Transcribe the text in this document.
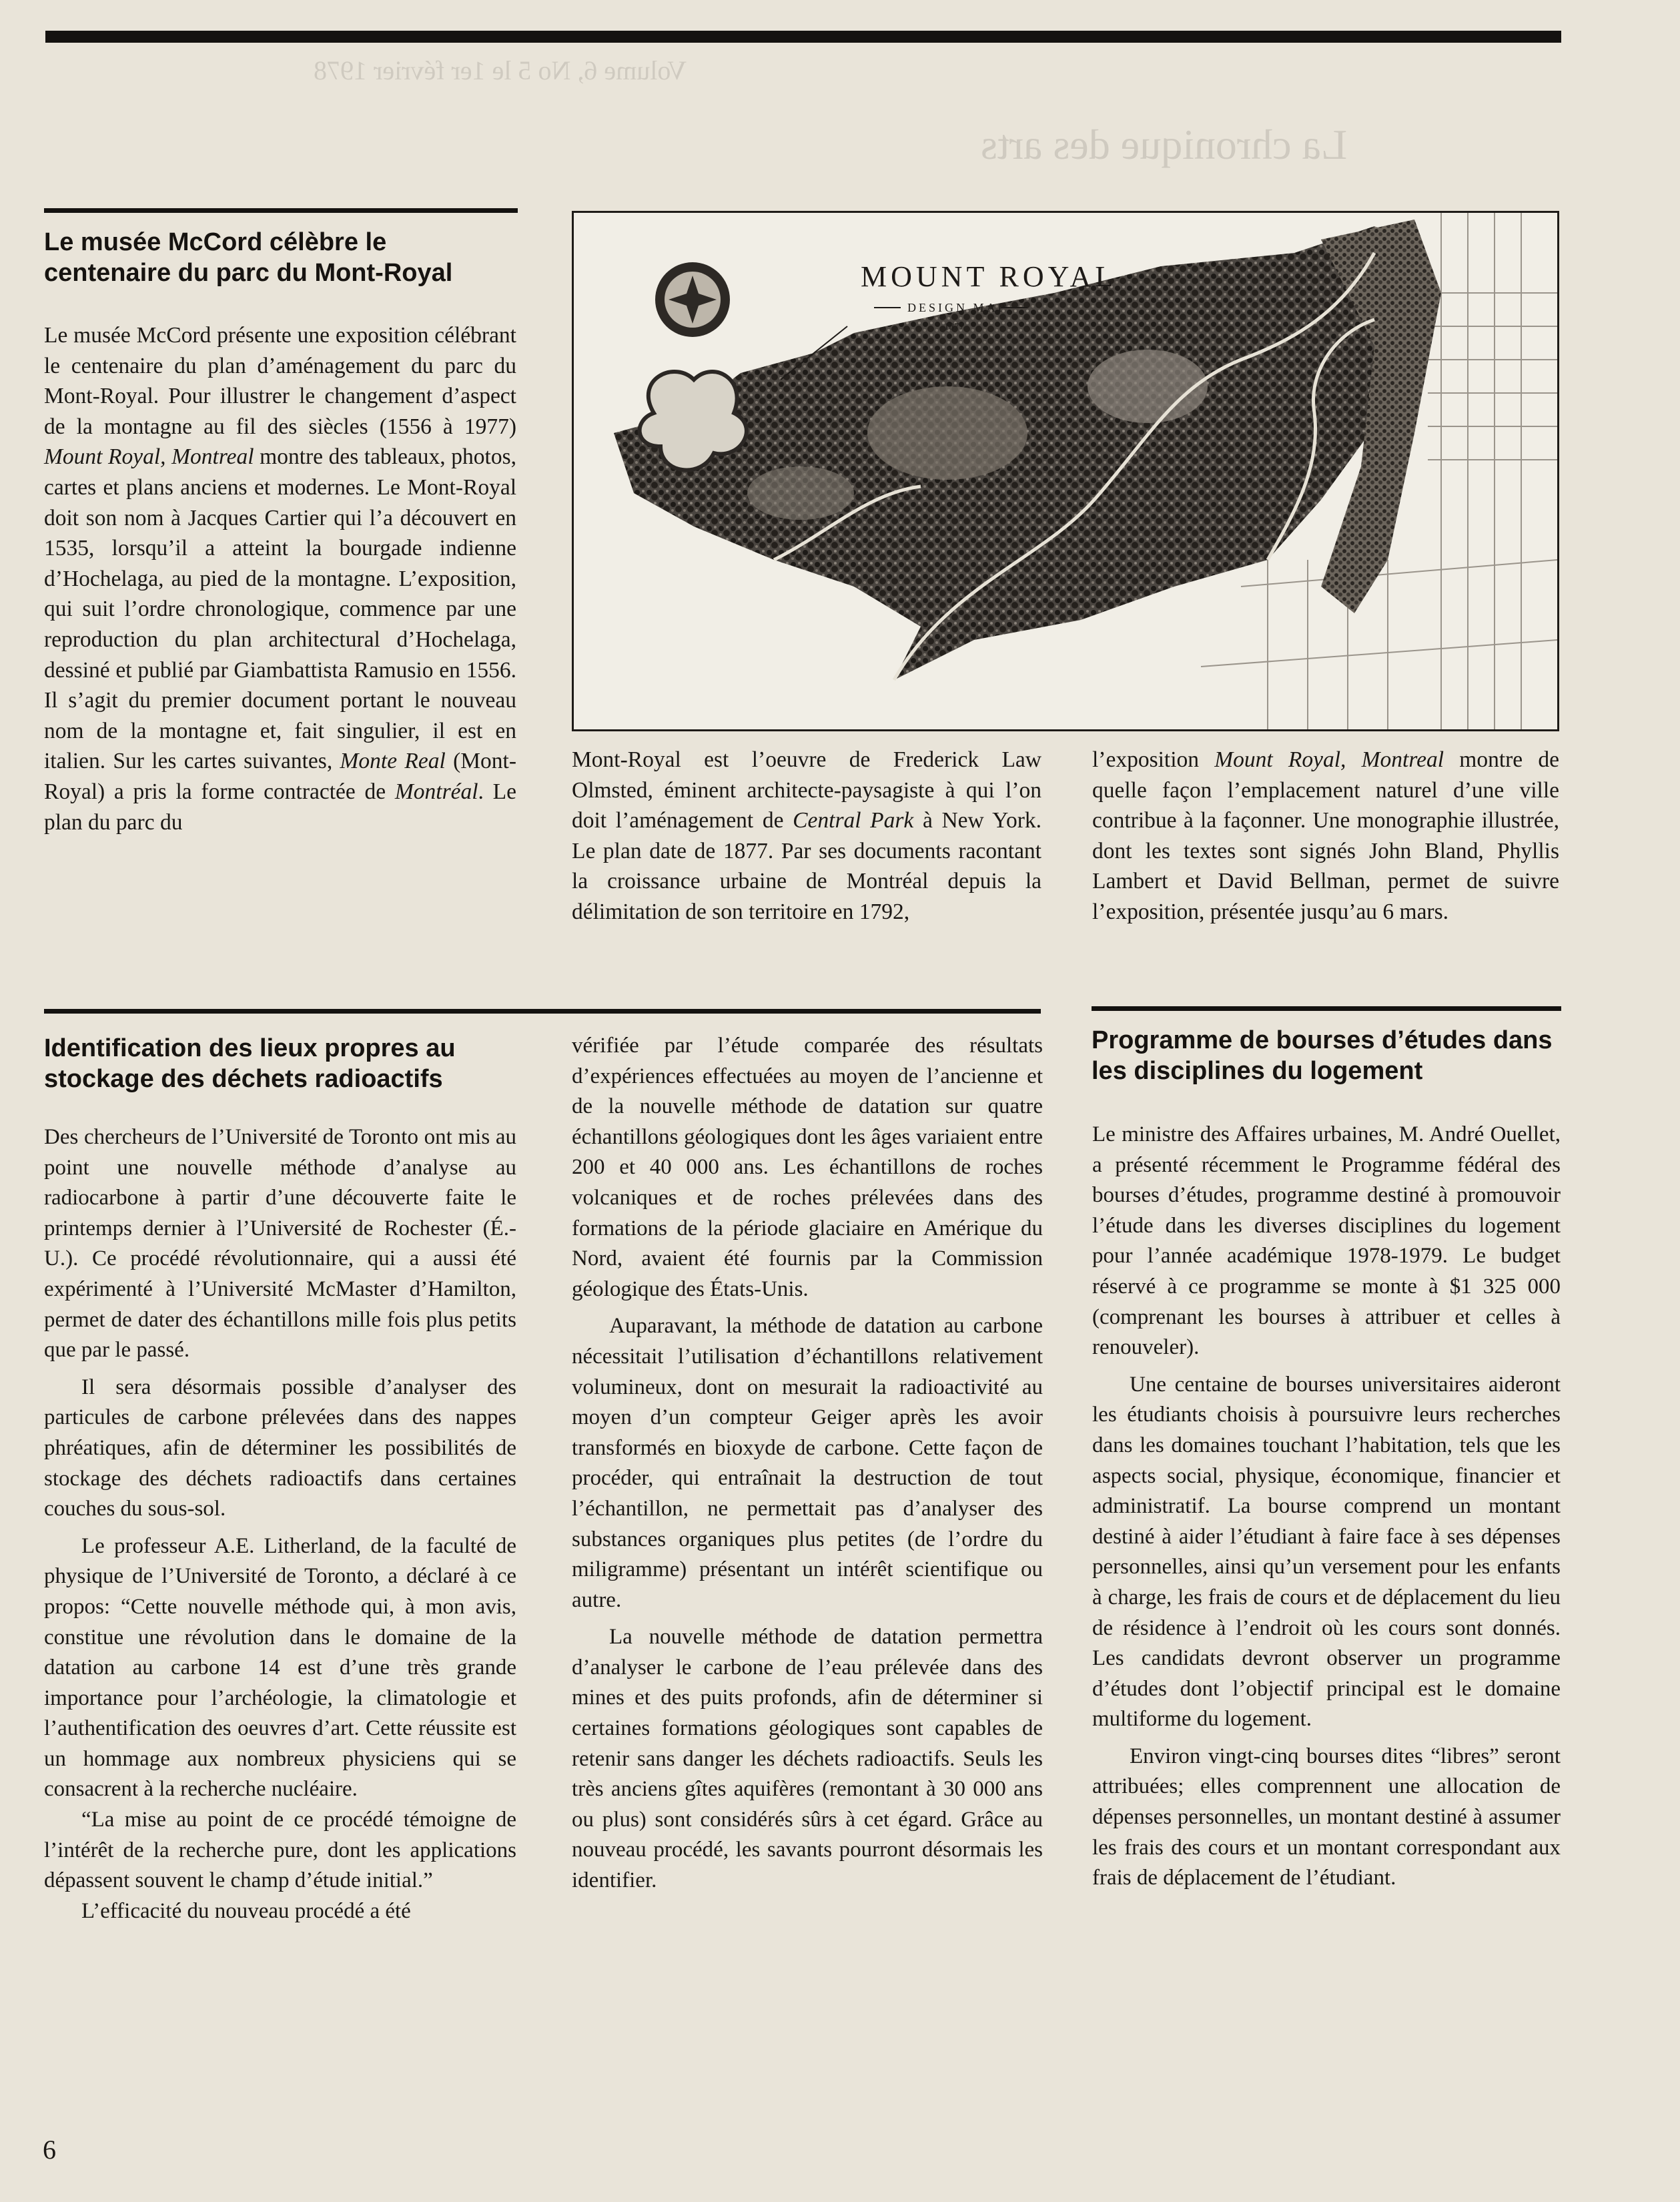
Volume 6, No 5 le 1er février 1978
La chronique des arts
Le musée McCord célèbre le centenaire du parc du Mont-Royal

Le musée McCord présente une exposition célébrant le centenaire du plan d’aménagement du parc du Mont-Royal. Pour illustrer le changement d’aspect de la montagne au fil des siècles (1556 à 1977) Mount Royal, Montreal montre des tableaux, photos, cartes et plans anciens et modernes. Le Mont-Royal doit son nom à Jacques Cartier qui l’a découvert en 1535, lorsqu’il a atteint la bourgade indienne d’Hochelaga, au pied de la montagne. L’exposition, qui suit l’ordre chronologique, commence par une reproduction du plan architectural d’Hochelaga, dessiné et publié par Giambattista Ramusio en 1556. Il s’agit du premier document portant le nouveau nom de la montagne et, fait singulier, il est en italien. Sur les cartes suivantes, Monte Real (Mont-Royal) a pris la forme contractée de Montréal. Le plan du parc du

MOUNT ROYAL
DESIGN MAP
1877

Mont-Royal est l’oeuvre de Frederick Law Olmsted, éminent architecte-paysagiste à qui l’on doit l’aménagement de Central Park à New York. Le plan date de 1877. Par ses documents racontant la croissance urbaine de Montréal depuis la délimitation de son territoire en 1792,

l’exposition Mount Royal, Montreal montre de quelle façon l’emplacement naturel d’une ville contribue à la façonner. Une monographie illustrée, dont les textes sont signés John Bland, Phyllis Lambert et David Bellman, permet de suivre l’exposition, présentée jusqu’au 6 mars.

Identification des lieux propres au stockage des déchets radioactifs

Des chercheurs de l’Université de Toronto ont mis au point une nouvelle méthode d’analyse au radiocarbone à partir d’une découverte faite le printemps dernier à l’Université de Rochester (É.-U.). Ce procédé révolutionnaire, qui a aussi été expérimenté à l’Université McMaster d’Hamilton, permet de dater des échantillons mille fois plus petits que par le passé.

Il sera désormais possible d’analyser des particules de carbone prélevées dans des nappes phréatiques, afin de déterminer les possibilités de stockage des déchets radioactifs dans certaines couches du sous-sol.

Le professeur A.E. Litherland, de la faculté de physique de l’Université de Toronto, a déclaré à ce propos: “Cette nouvelle méthode qui, à mon avis, constitue une révolution dans le domaine de la datation au carbone 14 est d’une très grande importance pour l’archéologie, la climatologie et l’authentification des oeuvres d’art. Cette réussite est un hommage aux nombreux physiciens qui se consacrent à la recherche nucléaire.

“La mise au point de ce procédé témoigne de l’intérêt de la recherche pure, dont les applications dépassent souvent le champ d’étude initial.”

L’efficacité du nouveau procédé a été

vérifiée par l’étude comparée des résultats d’expériences effectuées au moyen de l’ancienne et de la nouvelle méthode de datation sur quatre échantillons géologiques dont les âges variaient entre 200 et 40 000 ans. Les échantillons de roches volcaniques et de roches prélevées dans des formations de la période glaciaire en Amérique du Nord, avaient été fournis par la Commission géologique des États-Unis.

Auparavant, la méthode de datation au carbone nécessitait l’utilisation d’échantillons relativement volumineux, dont on mesurait la radioactivité au moyen d’un compteur Geiger après les avoir transformés en bioxyde de carbone. Cette façon de procéder, qui entraînait la destruction de tout l’échantillon, ne permettait pas d’analyser des substances organiques plus petites (de l’ordre du miligramme) présentant un intérêt scientifique ou autre.

La nouvelle méthode de datation permettra d’analyser le carbone de l’eau prélevée dans des mines et des puits profonds, afin de déterminer si certaines formations géologiques sont capables de retenir sans danger les déchets radioactifs. Seuls les très anciens gîtes aquifères (remontant à 30 000 ans ou plus) sont considérés sûrs à cet égard. Grâce au nouveau procédé, les savants pourront désormais les identifier.

Programme de bourses d’études dans les disciplines du logement

Le ministre des Affaires urbaines, M. André Ouellet, a présenté récemment le Programme fédéral des bourses d’études, programme destiné à promouvoir l’étude dans les diverses disciplines du logement pour l’année académique 1978-1979. Le budget réservé à ce programme se monte à $1 325 000 (comprenant les bourses à attribuer et celles à renouveler).

Une centaine de bourses universitaires aideront les étudiants choisis à poursuivre leurs recherches dans les domaines touchant l’habitation, tels que les aspects social, physique, économique, financier et administratif. La bourse comprend un montant destiné à aider l’étudiant à faire face à ses dépenses personnelles, ainsi qu’un versement pour les enfants à charge, les frais de cours et de déplacement du lieu de résidence à l’endroit où les cours sont donnés. Les candidats devront observer un programme d’études dont l’objectif principal est le domaine multiforme du logement.

Environ vingt-cinq bourses dites “libres” seront attribuées; elles comprennent une allocation de dépenses personnelles, un montant destiné à assumer les frais des cours et un montant correspondant aux frais de déplacement de l’étudiant.

6
